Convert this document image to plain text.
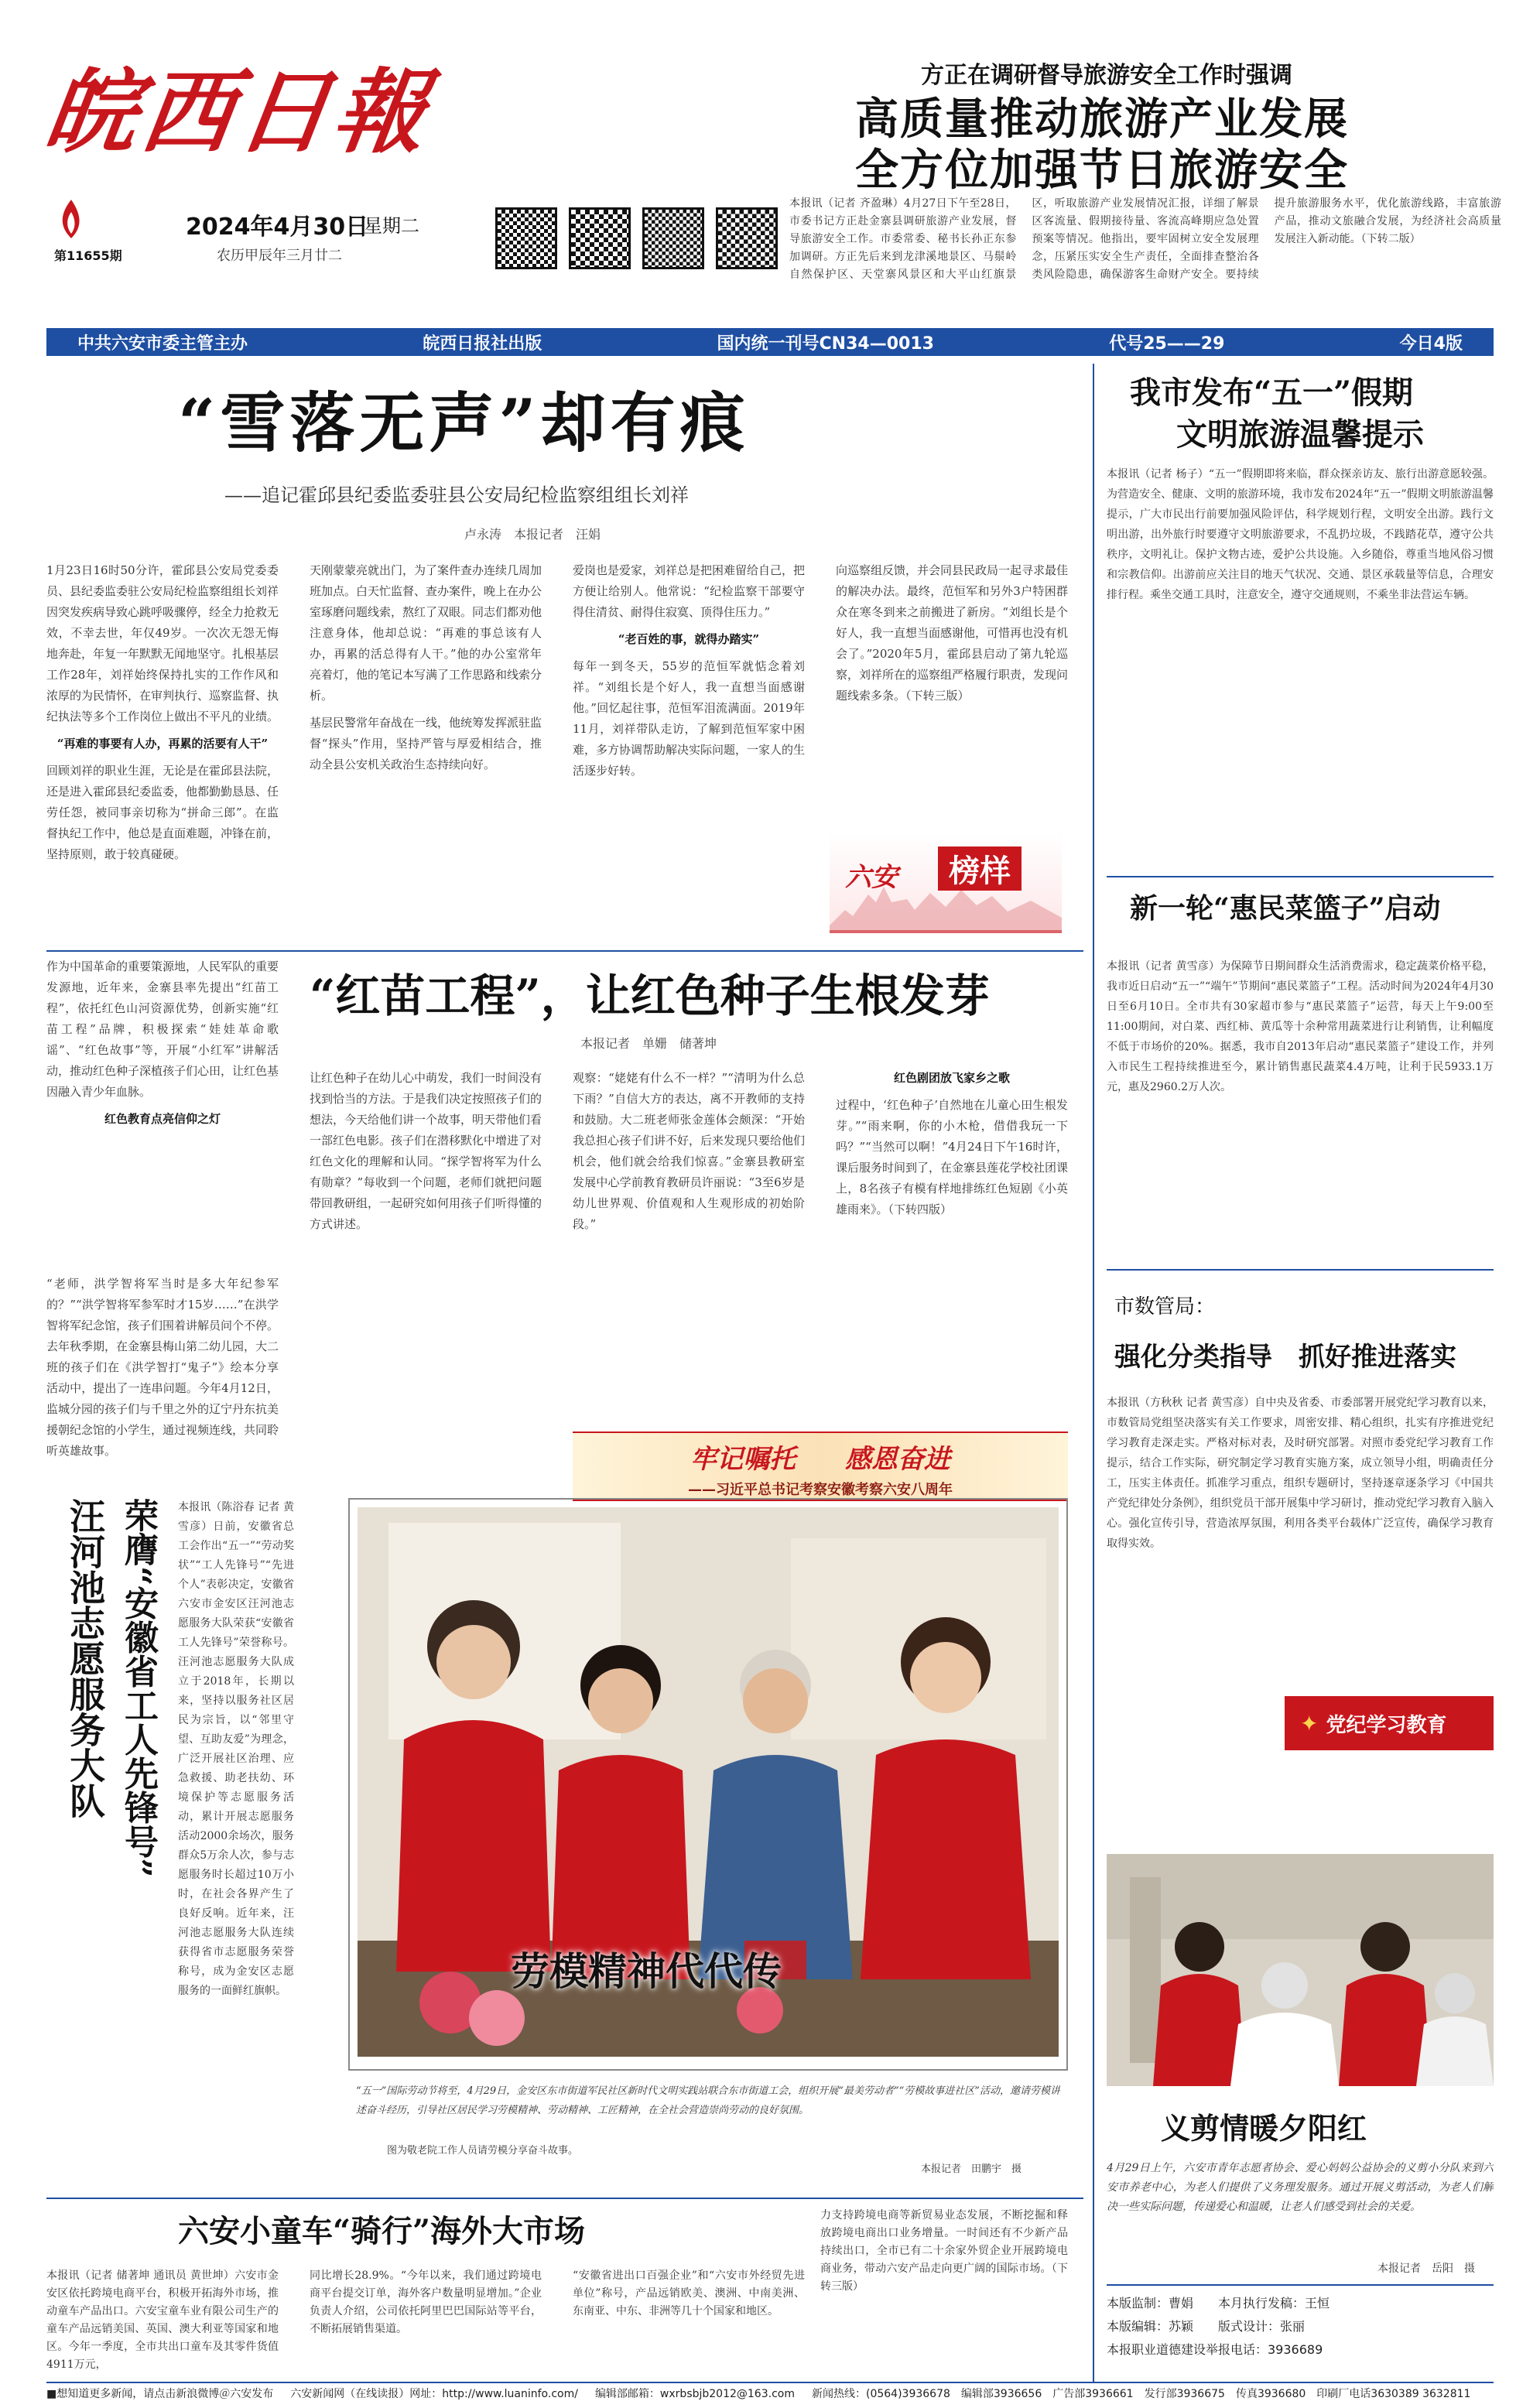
皖西日報
第11655期
2024年4月30日
星期二
农历甲辰年三月廿二
方正在调研督导旅游安全工作时强调
高质量推动旅游产业发展
全方位加强节日旅游安全
本报讯（记者 齐盈琳）4月27日下午至28日，市委书记方正赴金寨县调研旅游产业发展，督导旅游安全工作。市委常委、秘书长孙正东参加调研。方正先后来到龙津溪地景区、马鬃岭自然保护区、天堂寨风景区和大平山红旗景区，听取旅游产业发展情况汇报，详细了解景区客流量、假期接待量、客流高峰期应急处置预案等情况。他指出，要牢固树立安全发展理念，压紧压实安全生产责任，全面排查整治各类风险隐患，确保游客生命财产安全。要持续提升旅游服务水平，优化旅游线路，丰富旅游产品，推动文旅融合发展，为经济社会高质量发展注入新动能。（下转二版）
中共六安市委主管主办	皖西日报社出版	国内统一刊号CN34—0013	代号25——29	今日4版
“雪落无声”却有痕
——追记霍邱县纪委监委驻县公安局纪检监察组组长刘祥
卢永涛　本报记者　汪娟

1月23日16时50分许，霍邱县公安局党委委员、县纪委监委驻公安局纪检监察组组长刘祥因突发疾病导致心跳呼吸骤停，经全力抢救无效，不幸去世，年仅49岁。一次次无怨无悔地奔赴，年复一年默默无闻地坚守。扎根基层工作28年，刘祥始终保持扎实的工作作风和浓厚的为民情怀，在审判执行、巡察监督、执纪执法等多个工作岗位上做出不平凡的业绩。

“再难的事要有人办，再累的活要有人干”

回顾刘祥的职业生涯，无论是在霍邱县法院，还是进入霍邱县纪委监委，他都勤勤恳恳、任劳任怨，被同事亲切称为“拼命三郎”。在监督执纪工作中，他总是直面难题，冲锋在前，坚持原则，敢于较真碰硬。

天刚蒙蒙亮就出门，为了案件查办连续几周加班加点。白天忙监督、查办案件，晚上在办公室琢磨问题线索，熬红了双眼。同志们都劝他注意身体，他却总说：“再难的事总该有人办，再累的活总得有人干。”他的办公室常年亮着灯，他的笔记本写满了工作思路和线索分析。

基层民警常年奋战在一线，他统筹发挥派驻监督“探头”作用，坚持严管与厚爱相结合，推动全县公安机关政治生态持续向好。

爱岗也是爱家，刘祥总是把困难留给自己，把方便让给别人。他常说：“纪检监察干部要守得住清贫、耐得住寂寞、顶得住压力。”

“老百姓的事，就得办踏实”

每年一到冬天，55岁的范恒军就惦念着刘祥。“刘组长是个好人，我一直想当面感谢他。”回忆起往事，范恒军泪流满面。2019年11月，刘祥带队走访，了解到范恒军家中困难，多方协调帮助解决实际问题，一家人的生活逐步好转。

向巡察组反馈，并会同县民政局一起寻求最佳的解决办法。最终，范恒军和另外3户特困群众在寒冬到来之前搬进了新房。“刘组长是个好人，我一直想当面感谢他，可惜再也没有机会了。”2020年5月，霍邱县启动了第九轮巡察，刘祥所在的巡察组严格履行职责，发现问题线索多条。（下转三版）

六安	榜样

作为中国革命的重要策源地，人民军队的重要发源地，近年来，金寨县率先提出“红苗工程”，依托红色山河资源优势，创新实施“红苗工程”品牌，积极探索“娃娃革命歌谣”、“红色故事”等，开展“小红军”讲解活动，推动红色种子深植孩子们心田，让红色基因融入青少年血脉。

红色教育点亮信仰之灯

“红苗工程”，让红色种子生根发芽
本报记者　单姗　储著坤

“老师，洪学智将军当时是多大年纪参军的？”“洪学智将军参军时才15岁……”在洪学智将军纪念馆，孩子们围着讲解员问个不停。去年秋季期，在金寨县梅山第二幼儿园，大二班的孩子们在《洪学智打“鬼子”》绘本分享活动中，提出了一连串问题。今年4月12日，监城分园的孩子们与千里之外的辽宁丹东抗美援朝纪念馆的小学生，通过视频连线，共同聆听英雄故事。

让红色种子在幼儿心中萌发，我们一时间没有找到恰当的方法。于是我们决定按照孩子们的想法，今天给他们讲一个故事，明天带他们看一部红色电影。孩子们在潜移默化中增进了对红色文化的理解和认同。“探学智将军为什么有勋章？”每收到一个问题，老师们就把问题带回教研组，一起研究如何用孩子们听得懂的方式讲述。

观察：“姥姥有什么不一样？”“清明为什么总下雨？”自信大方的表达，离不开教师的支持和鼓励。大二班老师张金莲体会颇深：“开始我总担心孩子们讲不好，后来发现只要给他们机会，他们就会给我们惊喜。”金寨县教研室发展中心学前教育教研员许丽说：“3至6岁是幼儿世界观、价值观和人生观形成的初始阶段。”

红色剧团放飞家乡之歌

过程中，‘红色种子’自然地在儿童心田生根发芽。”“雨来啊，你的小木枪，借借我玩一下吗？”“当然可以啊！”4月24日下午16时许，课后服务时间到了，在金寨县莲花学校社团课上，8名孩子有模有样地排练红色短剧《小英雄雨来》。（下转四版）

牢记嘱托 感恩奋进
——习近平总书记考察安徽考察六安八周年
汪河池志愿服务大队 荣膺“安徽省工人先锋号” 本报讯（陈浴春 记者 黄雪彦）日前，安徽省总工会作出“五一”“劳动奖状”“工人先锋号”“先进个人”表彰决定，安徽省六安市金安区汪河池志愿服务大队荣获“安徽省工人先锋号”荣誉称号。汪河池志愿服务大队成立于2018年，长期以来，坚持以服务社区居民为宗旨，以“邻里守望、互助友爱”为理念，广泛开展社区治理、应急救援、助老扶幼、环境保护等志愿服务活动，累计开展志愿服务活动2000余场次，服务群众5万余人次，参与志愿服务时长超过10万小时，在社会各界产生了良好反响。近年来，汪河池志愿服务大队连续获得省市志愿服务荣誉称号，成为金安区志愿服务的一面鲜红旗帜。	劳模精神代代传
“五一”国际劳动节将至，4月29日，金安区东市街道军民社区新时代文明实践站联合东市街道工会，组织开展“最美劳动者”“劳模故事进社区”活动，邀请劳模讲述奋斗经历，引导社区居民学习劳模精神、劳动精神、工匠精神，在全社会营造崇尚劳动的良好氛围。
图为敬老院工作人员请劳模分享奋斗故事。
本报记者　田鹏宇　摄
六安小童车“骑行”海外大市场
本报讯（记者 储著坤 通讯员 黄世坤）六安市金安区依托跨境电商平台，积极开拓海外市场，推动童车产品出口。六安宝童车业有限公司生产的童车产品远销美国、英国、澳大利亚等国家和地区。今年一季度，全市共出口童车及其零件货值4911万元，
同比增长28.9%。“今年以来，我们通过跨境电商平台提交订单，海外客户数量明显增加。”企业负责人介绍，公司依托阿里巴巴国际站等平台，不断拓展销售渠道。
“安徽省进出口百强企业”和“六安市外经贸先进单位”称号，产品远销欧美、澳洲、中南美洲、东南亚、中东、非洲等几十个国家和地区。
力支持跨境电商等新贸易业态发展，不断挖掘和释放跨境电商出口业务增量。一时间还有不少新产品持续出口，全市已有二十余家外贸企业开展跨境电商业务，带动六安产品走向更广阔的国际市场。（下转三版）
我市发布“五一”假期
文明旅游温馨提示
本报讯（记者 杨子）“五一”假期即将来临，群众探亲访友、旅行出游意愿较强。为营造安全、健康、文明的旅游环境，我市发布2024年“五一”假期文明旅游温馨提示，广大市民出行前要加强风险评估，科学规划行程，文明安全出游。践行文明出游，出外旅行时要遵守文明旅游要求，不乱扔垃圾，不践踏花草，遵守公共秩序，文明礼让。保护文物古迹，爱护公共设施。入乡随俗，尊重当地风俗习惯和宗教信仰。出游前应关注目的地天气状况、交通、景区承载量等信息，合理安排行程。乘坐交通工具时，注意安全，遵守交通规则，不乘坐非法营运车辆。
新一轮“惠民菜篮子”启动
本报讯（记者 黄雪彦）为保障节日期间群众生活消费需求，稳定蔬菜价格平稳，我市近日启动“五一”“端午”节期间“惠民菜篮子”工程。活动时间为2024年4月30日至6月10日。全市共有30家超市参与“惠民菜篮子”运营，每天上午9:00至11:00期间，对白菜、西红柿、黄瓜等十余种常用蔬菜进行让利销售，让利幅度不低于市场价的20%。据悉，我市自2013年启动“惠民菜篮子”建设工作，并列入市民生工程持续推进至今，累计销售惠民蔬菜4.4万吨，让利于民5933.1万元，惠及2960.2万人次。
市数管局：
强化分类指导　抓好推进落实
本报讯（方秋秋 记者 黄雪彦）自中央及省委、市委部署开展党纪学习教育以来，市数管局党组坚决落实有关工作要求，周密安排、精心组织，扎实有序推进党纪学习教育走深走实。严格对标对表，及时研究部署。对照市委党纪学习教育工作提示，结合工作实际，研究制定学习教育实施方案，成立领导小组，明确责任分工，压实主体责任。抓准学习重点，组织专题研讨，坚持逐章逐条学习《中国共产党纪律处分条例》，组织党员干部开展集中学习研讨，推动党纪学习教育入脑入心。强化宣传引导，营造浓厚氛围，利用各类平台载体广泛宣传，确保学习教育取得实效。
✦ 党纪学习教育
义剪情暖夕阳红
4月29日上午，六安市青年志愿者协会、爱心妈妈公益协会的义剪小分队来到六安市养老中心，为老人们提供了义务理发服务。通过开展义剪活动，为老人们解决一些实际问题，传递爱心和温暖，让老人们感受到社会的关爱。
本报记者　岳阳　摄
本版监制：曹娟　　本月执行发稿：王恒
本版编辑：苏颖　　版式设计：张丽
本报职业道德建设举报电话：3936689
■想知道更多新闻，请点击新浪微博＠六安发布 六安新闻网（在线读报）网址：http://www.luaninfo.com/ 编辑部邮箱：wxrbsbjb2012@163.com 新闻热线：(0564)3936678　编辑部3936656　广告部3936661　发行部3936675　传真3936680　印刷厂电话3630389 3632811
